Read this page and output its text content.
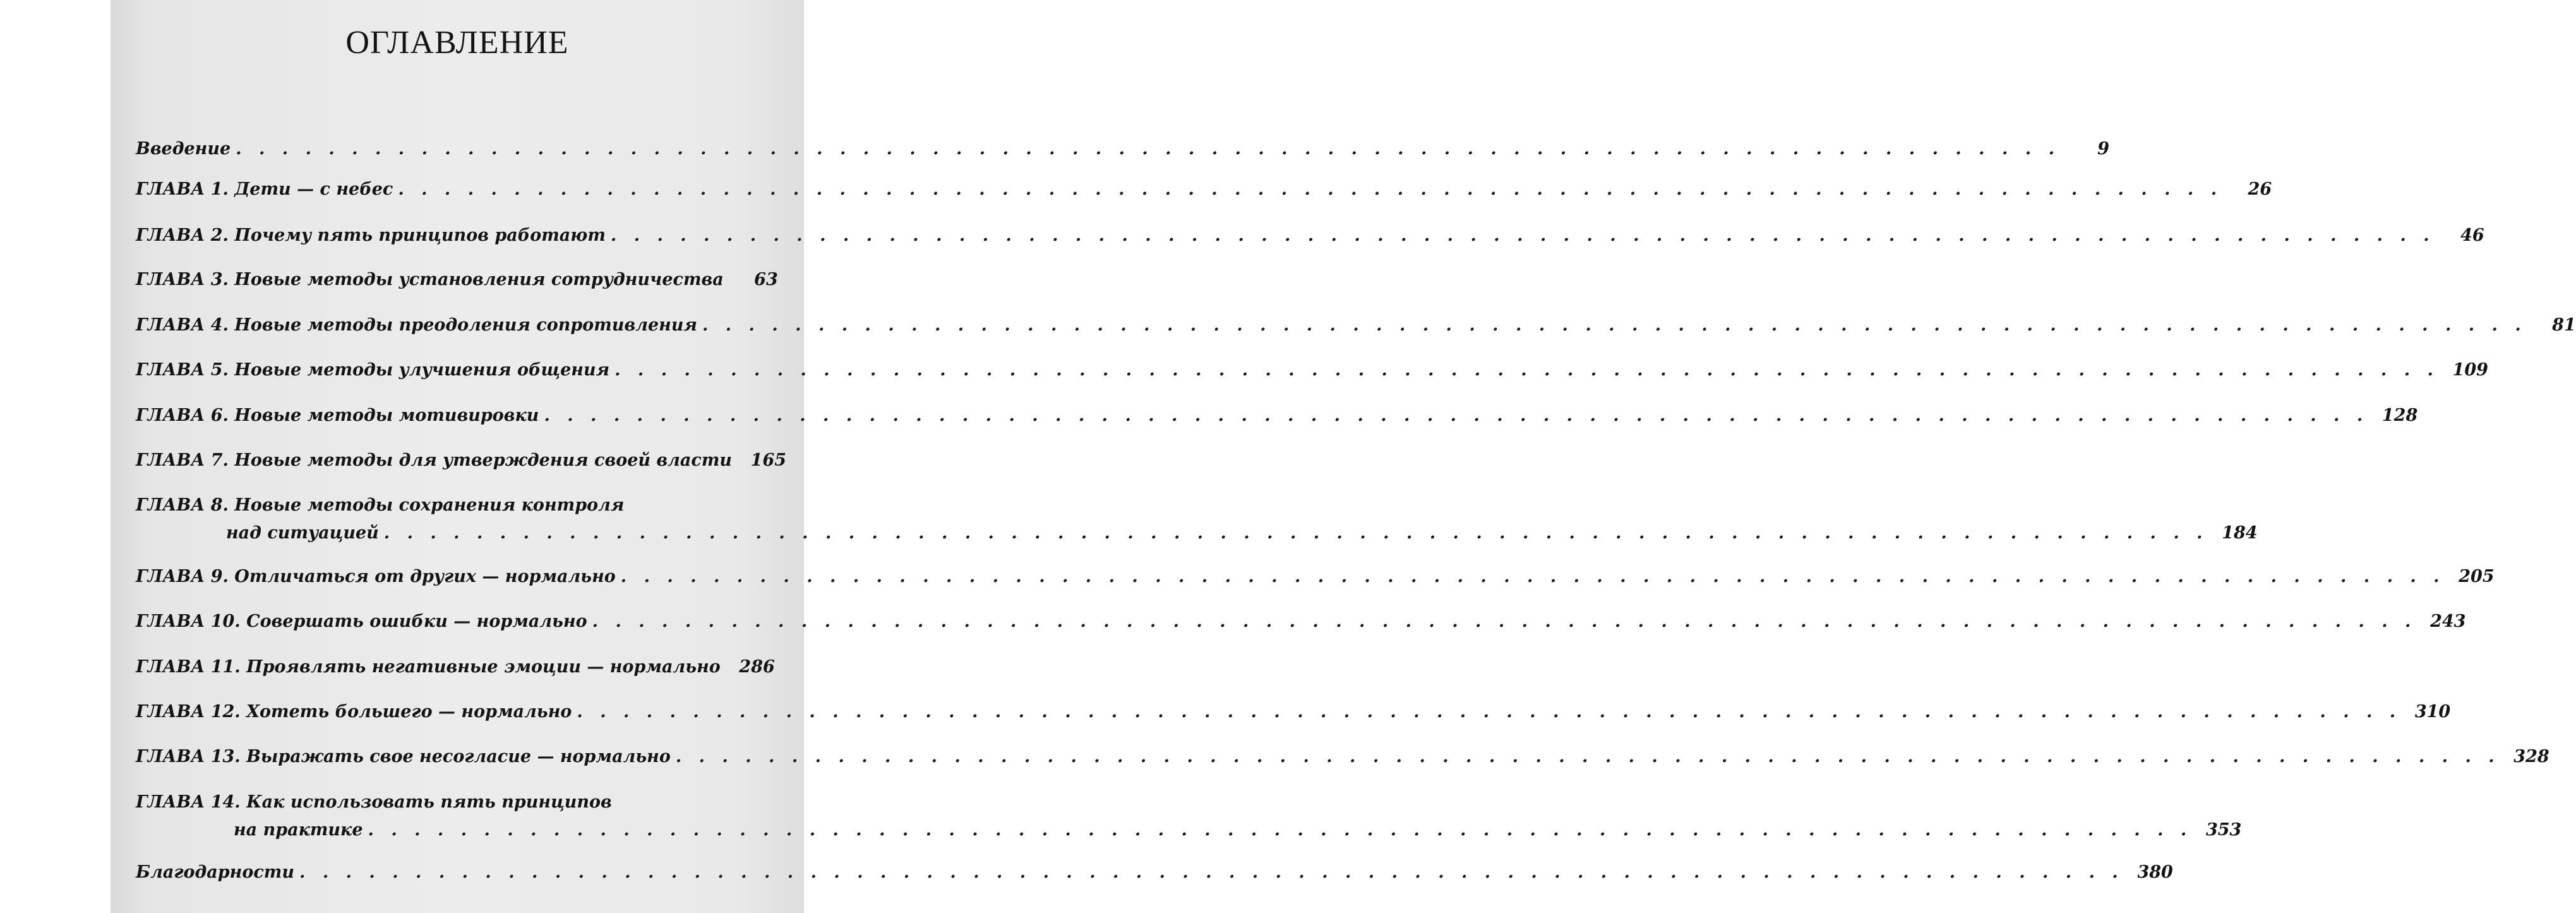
ОГЛАВЛЕНИЕ
Введение . . . . . . . . . . . . . . . . . . . . . . . . . . . . . . . . . . . . . . . . . . . . . . . . . . . . . . . . . . . . . . . . . . . . . . . . . . . . . . .	9
ГЛАВА 1. Дети — с небес . . . . . . . . . . . . . . . . . . . . . . . . . . . . . . . . . . . . . . . . . . . . . . . . . . . . . . . . . . . . . . . . . . . . . . . . . . . . . . .	26
ГЛАВА 2. Почему пять принципов работают . . . . . . . . . . . . . . . . . . . . . . . . . . . . . . . . . . . . . . . . . . . . . . . . . . . . . . . . . . . . . . . . . . . . . . . . . . . . . . .	46
ГЛАВА 3. Новые методы установления сотрудничества	63
ГЛАВА 4. Новые методы преодоления сопротивления . . . . . . . . . . . . . . . . . . . . . . . . . . . . . . . . . . . . . . . . . . . . . . . . . . . . . . . . . . . . . . . . . . . . . . . . . . . . . . .	81
ГЛАВА 5. Новые методы улучшения общения . . . . . . . . . . . . . . . . . . . . . . . . . . . . . . . . . . . . . . . . . . . . . . . . . . . . . . . . . . . . . . . . . . . . . . . . . . . . . . . 109
ГЛАВА 6. Новые методы мотивировки . . . . . . . . . . . . . . . . . . . . . . . . . . . . . . . . . . . . . . . . . . . . . . . . . . . . . . . . . . . . . . . . . . . . . . . . . . . . . . . 128
ГЛАВА 7. Новые методы для утверждения своей власти	165
ГЛАВА 8. Новые методы сохранения контроля
над ситуацией . . . . . . . . . . . . . . . . . . . . . . . . . . . . . . . . . . . . . . . . . . . . . . . . . . . . . . . . . . . . . . . . . . . . . . . . . . . . . . . 184
ГЛАВА 9. Отличаться от других — нормально . . . . . . . . . . . . . . . . . . . . . . . . . . . . . . . . . . . . . . . . . . . . . . . . . . . . . . . . . . . . . . . . . . . . . . . . . . . . . . . 205
ГЛАВА 10. Совершать ошибки — нормально . . . . . . . . . . . . . . . . . . . . . . . . . . . . . . . . . . . . . . . . . . . . . . . . . . . . . . . . . . . . . . . . . . . . . . . . . . . . . . . 243
ГЛАВА 11. Проявлять негативные эмоции — нормально	286
ГЛАВА 12. Хотеть большего — нормально . . . . . . . . . . . . . . . . . . . . . . . . . . . . . . . . . . . . . . . . . . . . . . . . . . . . . . . . . . . . . . . . . . . . . . . . . . . . . . . 310
ГЛАВА 13. Выражать свое несогласие — нормально . . . . . . . . . . . . . . . . . . . . . . . . . . . . . . . . . . . . . . . . . . . . . . . . . . . . . . . . . . . . . . . . . . . . . . . . . . . . . . . 328
ГЛАВА 14. Как использовать пять принципов
на практике . . . . . . . . . . . . . . . . . . . . . . . . . . . . . . . . . . . . . . . . . . . . . . . . . . . . . . . . . . . . . . . . . . . . . . . . . . . . . . . 353
Благодарности . . . . . . . . . . . . . . . . . . . . . . . . . . . . . . . . . . . . . . . . . . . . . . . . . . . . . . . . . . . . . . . . . . . . . . . . . . . . . . . 380
